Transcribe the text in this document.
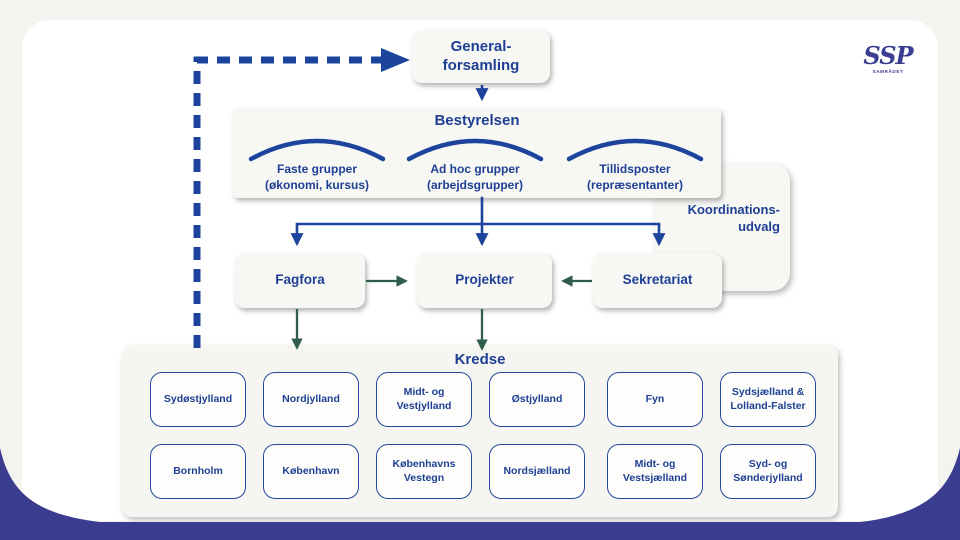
Bestyrelsen
Faste grupper
(økonomi, kursus)
Ad hoc grupper
(arbejdsgrupper)
Tillidsposter
(repræsentanter)
Koordinations-
udvalg
General-
forsamling
Fagfora	Projekter	Sekretariat
Kredse
Sydøstjylland	Nordjylland
Midt- og Vestjylland
Østjylland	Fyn
Sydsjælland & Lolland-Falster
Bornholm	København
Københavns Vestegn
Nordsjælland
Midt- og Vestsjælland
Syd- og Sønderjylland
SSP
SAMRÅDET
